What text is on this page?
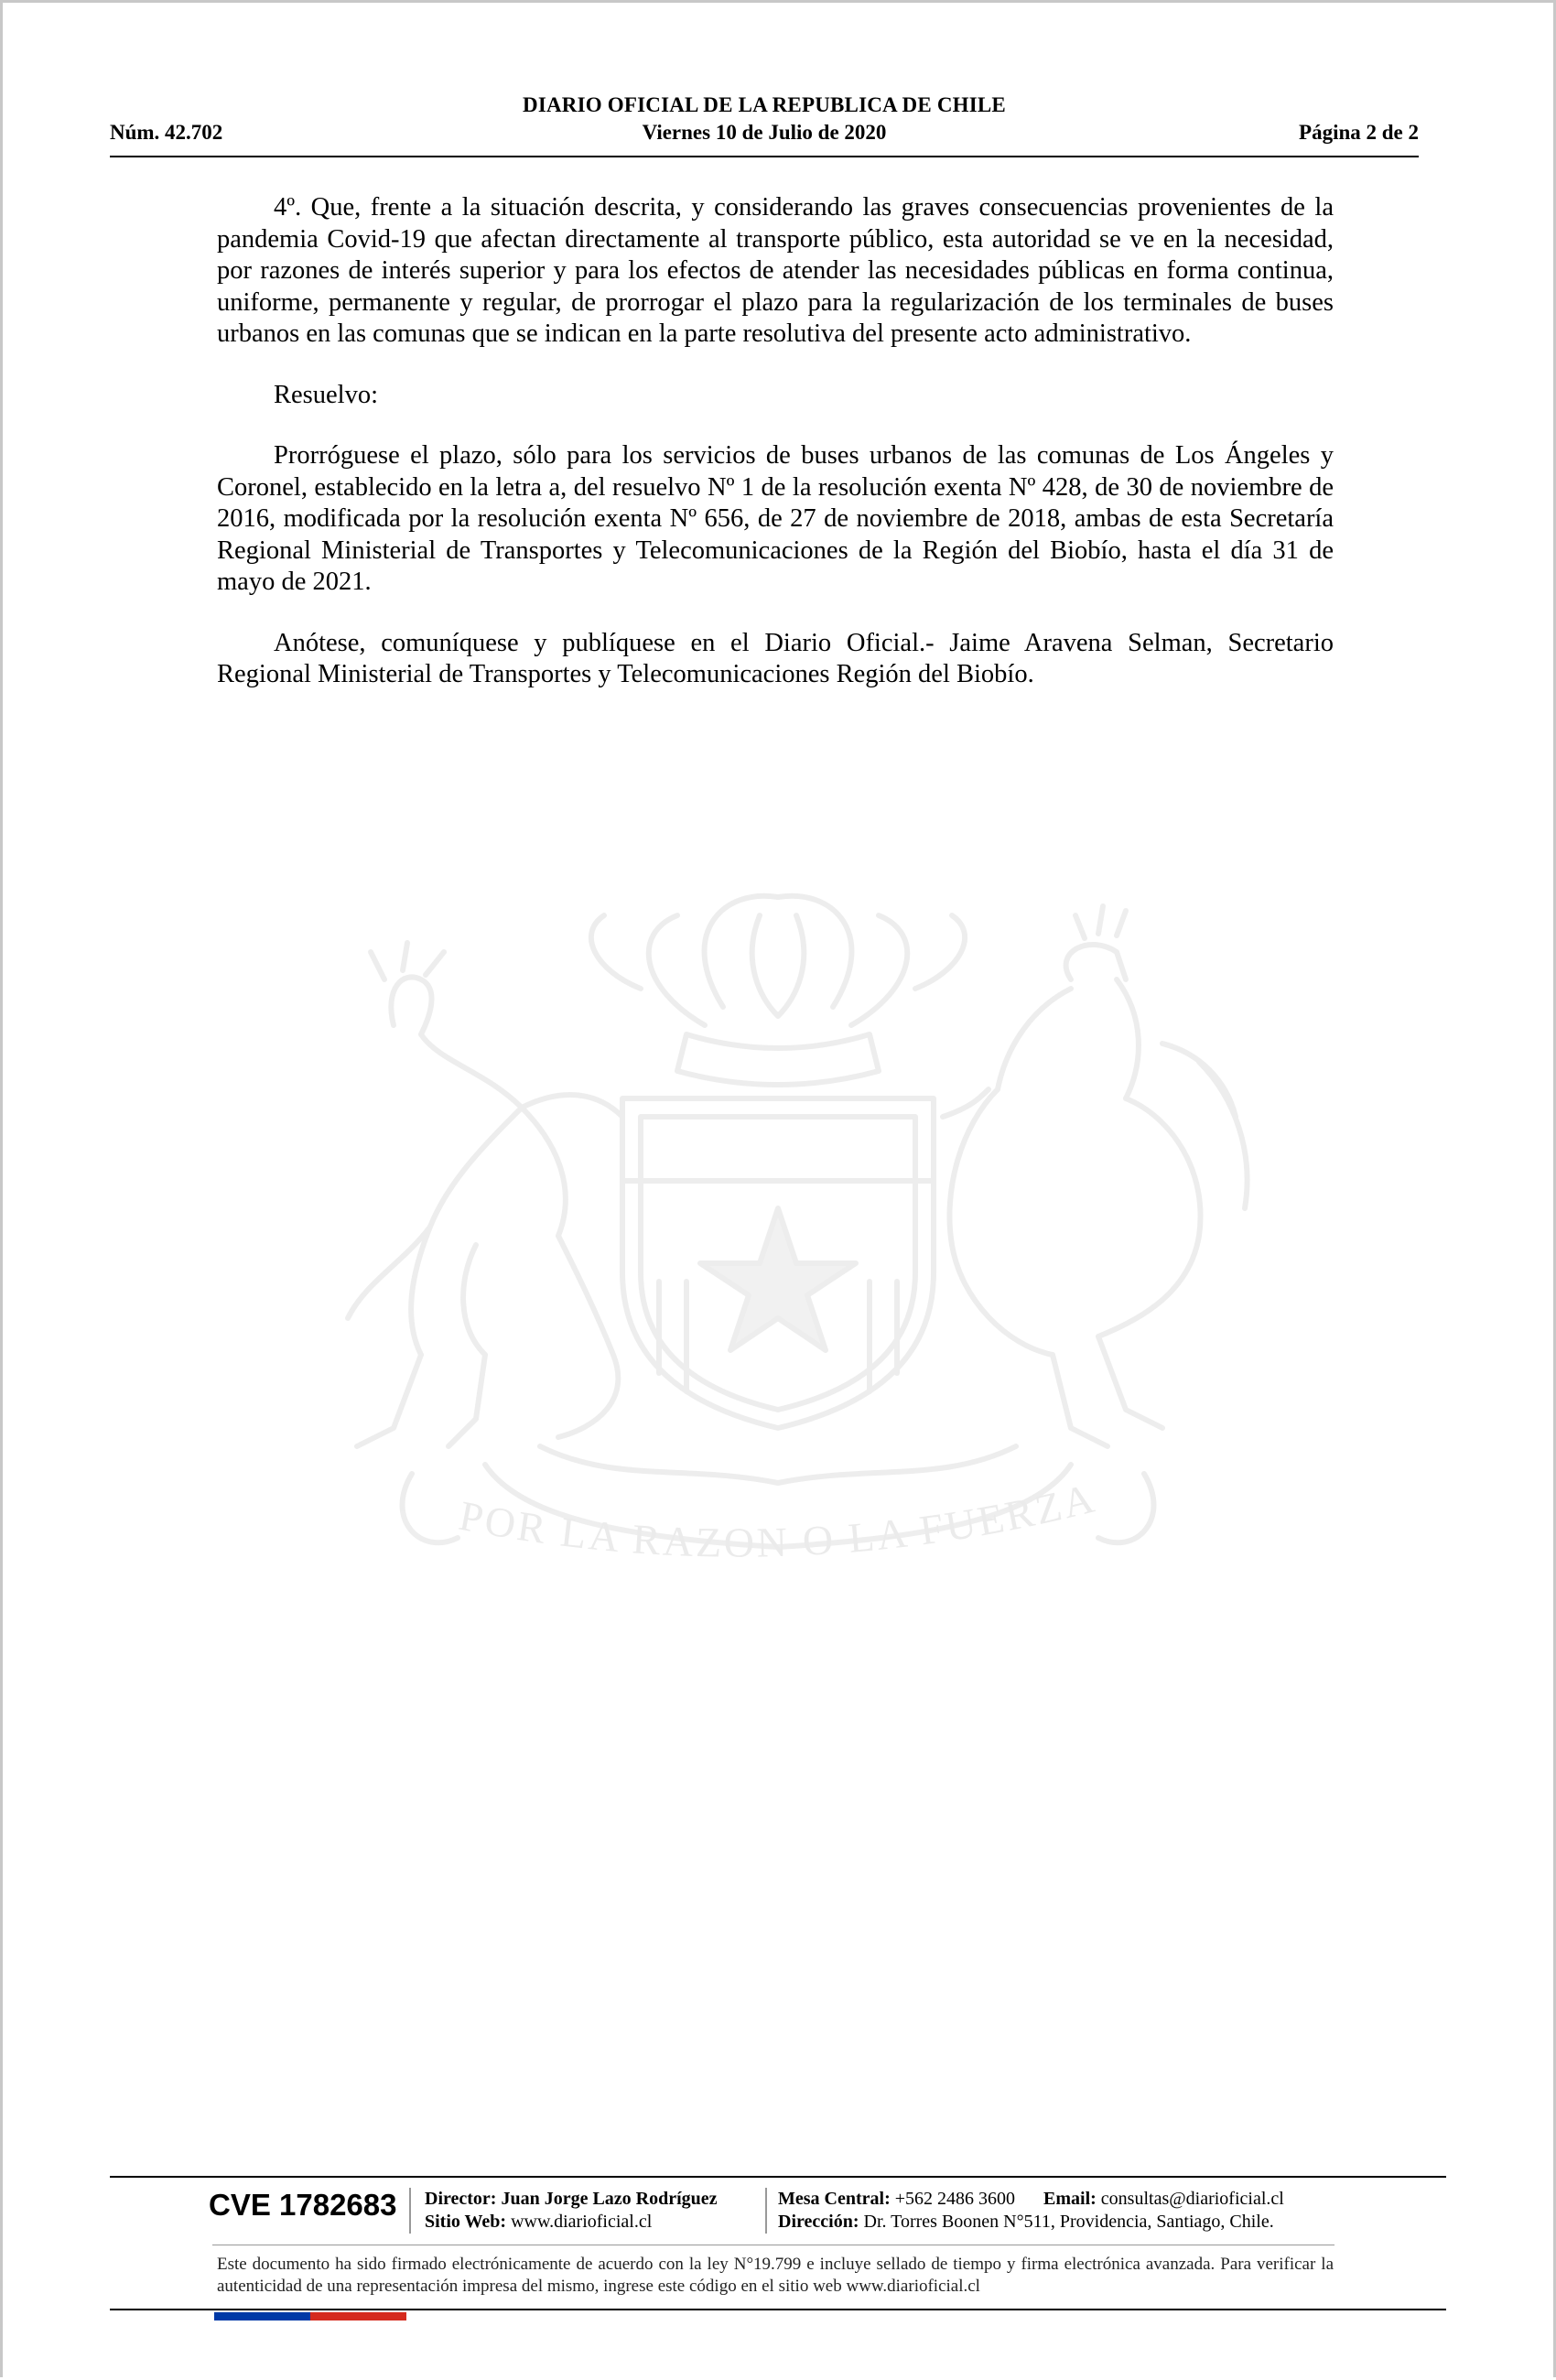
DIARIO OFICIAL DE LA REPUBLICA DE CHILE
Núm. 42.702	Viernes 10 de Julio de 2020	Página 2 de 2
POR LA RAZON O LA FUERZA

4º. Que, frente a la situación descrita, y considerando las graves consecuencias provenientes de la pandemia Covid-19 que afectan directamente al transporte público, esta autoridad se ve en la necesidad, por razones de interés superior y para los efectos de atender las necesidades públicas en forma continua, uniforme, permanente y regular, de prorrogar el plazo para la regularización de los terminales de buses urbanos en las comunas que se indican en la parte resolutiva del presente acto administrativo.

Resuelvo:

Prorróguese el plazo, sólo para los servicios de buses urbanos de las comunas de Los Ángeles y Coronel, establecido en la letra a, del resuelvo Nº 1 de la resolución exenta Nº 428, de 30 de noviembre de 2016, modificada por la resolución exenta Nº 656, de 27 de noviembre de 2018, ambas de esta Secretaría Regional Ministerial de Transportes y Telecomunicaciones de la Región del Biobío, hasta el día 31 de mayo de 2021.

Anótese, comuníquese y publíquese en el Diario Oficial.- Jaime Aravena Selman, Secretario Regional Ministerial de Transportes y Telecomunicaciones Región del Biobío.

CVE 1782683 Director: Juan Jorge Lazo Rodríguez
Sitio Web: www.diarioficial.cl
Mesa Central: +562 2486 3600 Email: consultas@diarioficial.cl
Dirección: Dr. Torres Boonen N°511, Providencia, Santiago, Chile.
Este documento ha sido firmado electrónicamente de acuerdo con la ley N°19.799 e incluye sellado de tiempo y firma electrónica avanzada. Para verificar la autenticidad de una representación impresa del mismo, ingrese este código en el sitio web www.diarioficial.cl
